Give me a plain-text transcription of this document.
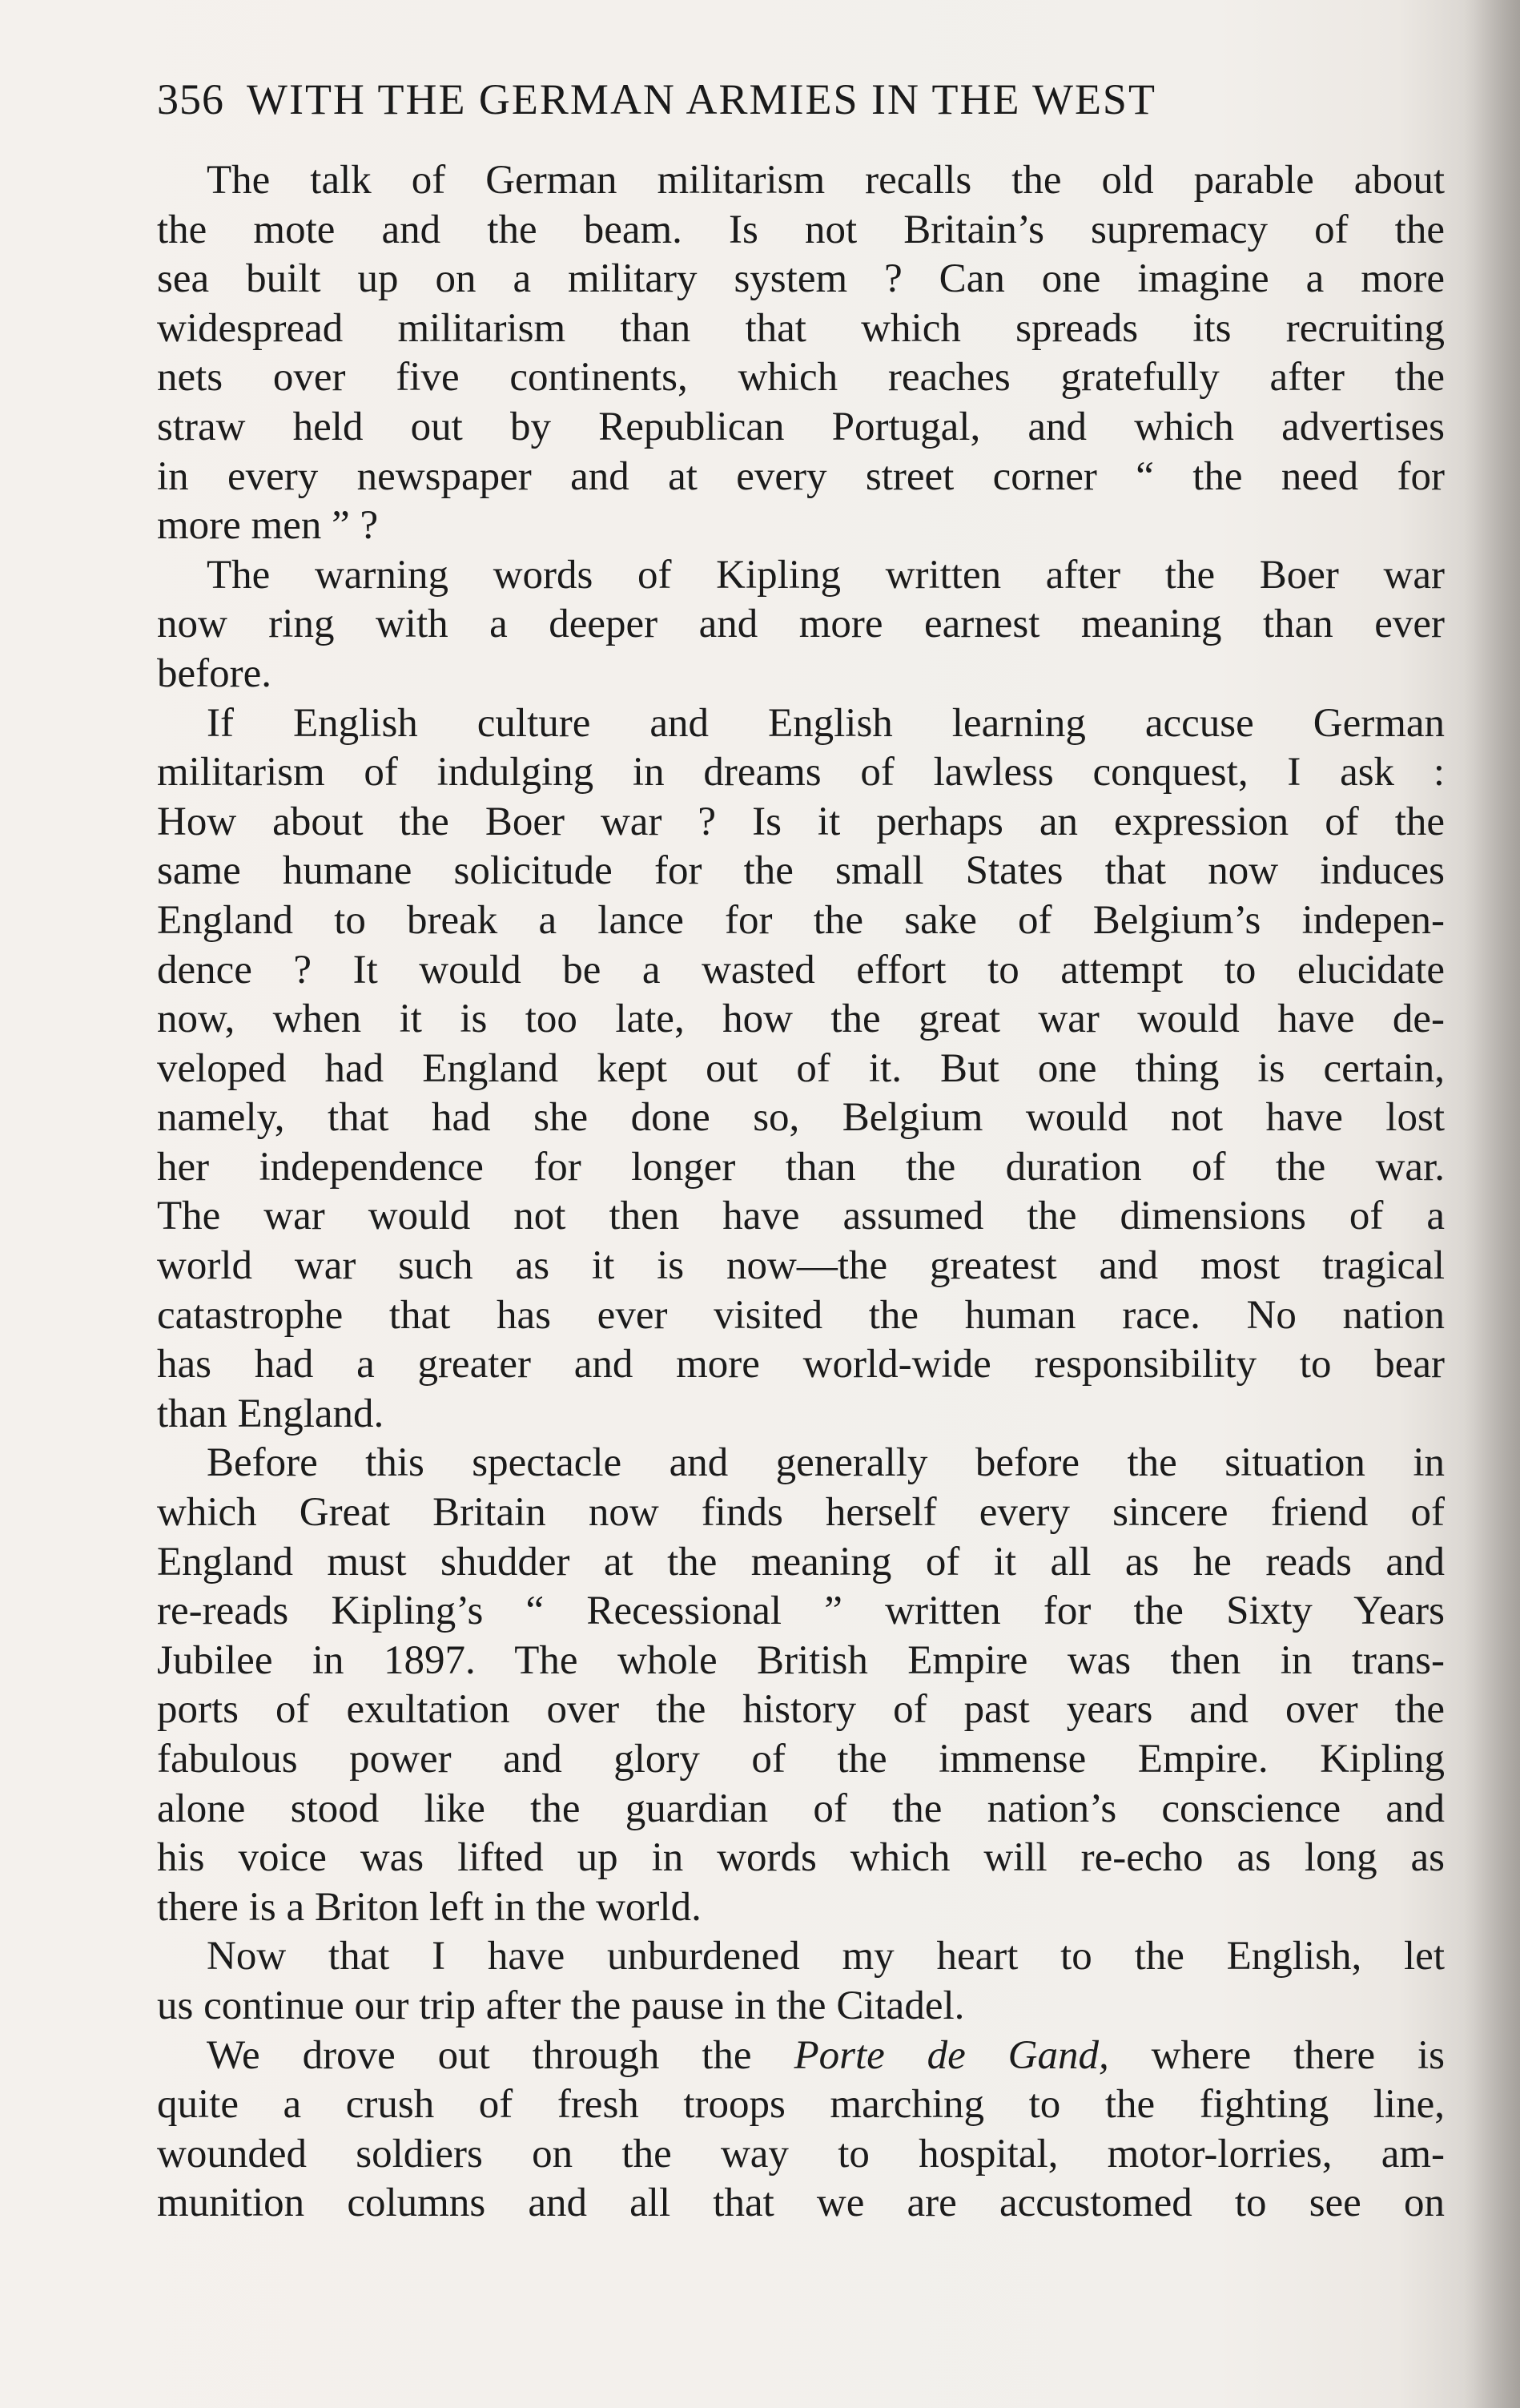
356 WITH THE GERMAN ARMIES IN THE WEST
The talk of German militarism recalls the old parable about
the mote and the beam. Is not Britain’s supremacy of the
sea built up on a military system ? Can one imagine a more
widespread militarism than that which spreads its recruiting
nets over five continents, which reaches gratefully after the
straw held out by Republican Portugal, and which advertises
in every newspaper and at every street corner “ the need for
more men ” ?
The warning words of Kipling written after the Boer war
now ring with a deeper and more earnest meaning than ever
before.
If English culture and English learning accuse German
militarism of indulging in dreams of lawless conquest, I ask :
How about the Boer war ? Is it perhaps an expression of the
same humane solicitude for the small States that now induces
England to break a lance for the sake of Belgium’s indepen-
dence ? It would be a wasted effort to attempt to elucidate
now, when it is too late, how the great war would have de-
veloped had England kept out of it. But one thing is certain,
namely, that had she done so, Belgium would not have lost
her independence for longer than the duration of the war.
The war would not then have assumed the dimensions of a
world war such as it is now—the greatest and most tragical
catastrophe that has ever visited the human race. No nation
has had a greater and more world-wide responsibility to bear
than England.
Before this spectacle and generally before the situation in
which Great Britain now finds herself every sincere friend of
England must shudder at the meaning of it all as he reads and
re-reads Kipling’s “ Recessional ” written for the Sixty Years
Jubilee in 1897. The whole British Empire was then in trans-
ports of exultation over the history of past years and over the
fabulous power and glory of the immense Empire. Kipling
alone stood like the guardian of the nation’s conscience and
his voice was lifted up in words which will re-echo as long as
there is a Briton left in the world.
Now that I have unburdened my heart to the English, let
us continue our trip after the pause in the Citadel.
We drove out through the Porte de Gand, where there is
quite a crush of fresh troops marching to the fighting line,
wounded soldiers on the way to hospital, motor-lorries, am-
munition columns and all that we are accustomed to see on
